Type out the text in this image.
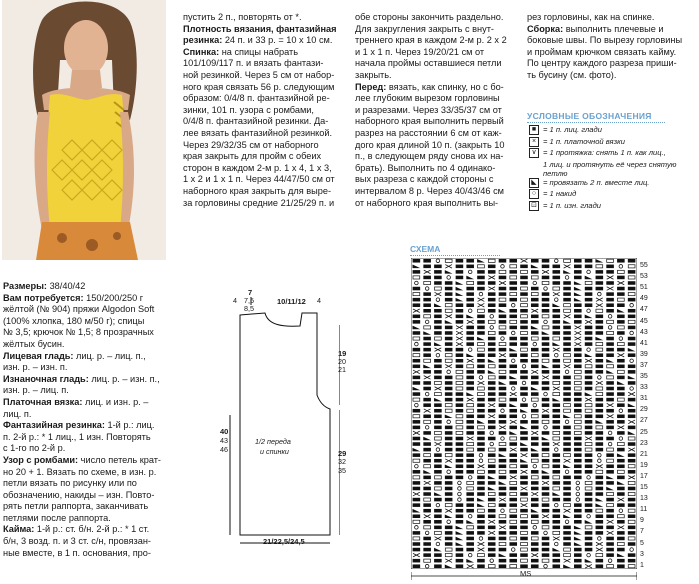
Размеры: 38/40/42
Вам потребуется: 150/200/250 г
жёлтой (№ 904) пряжи Algodon Soft
(100% хлопка, 180 м/50 г); спицы
№ 3,5; крючок № 1,5; 8 прозрачных
жёлтых бусин.
Лицевая гладь: лиц. р. – лиц. п.,
изн. р. – изн. п.
Изнаночная гладь: лиц. р. – изн. п.,
изн. р. – лиц. п.
Платочная вязка: лиц. и изн. р. –
лиц. п.
Фантазийная резинка: 1-й р.: лиц.
п. 2-й р.: * 1 лиц., 1 изн. Повторять
с 1-го по 2-й р.
Узор с ромбами: число петель крат-
но 20 + 1. Вязать по схеме, в изн. р.
петли вязать по рисунку или по
обозначению, накиды – изн. Повто-
рять петли раппорта, заканчивать
петлями после раппорта.
Кайма: 1-й р.: ст. б/н. 2-й р.: * 1 ст.
б/н, 3 возд. п. и 3 ст. с/н, провязан-
ные вместе, в 1 п. основания, про-
пустить 2 п., повторять от *.
Плотность вязания, фантазийная
резинка: 24 п. и 33 р. = 10 х 10 см.
Спинка: на спицы набрать
101/109/117 п. и вязать фантази-
ной резинкой. Через 5 см от набор-
ного края связать 56 р. следующим
образом: 0/4/8 п. фантазийной ре-
зинки, 101 п. узора с ромбами,
0/4/8 п. фантазийной резинки. Да-
лее вязать фантазийной резинкой.
Через 29/32/35 см от наборного
края закрыть для пройм с обеих
сторон в каждом 2-м р. 1 х 4, 1 х 3,
1 х 2 и 1 х 1 п. Через 44/47/50 см от
наборного края закрыть для выре-
за горловины средние 21/25/29 п. и
обе стороны закончить раздельно.
Для закругления закрыть с внут-
треннего края в каждом 2-м р. 2 х 2
и 1 х 1 п. Через 19/20/21 см от
начала проймы оставшиеся петли
закрыть.
Перед: вязать, как спинку, но с бо-
лее глубоким вырезом горловины
и разрезами. Через 33/35/37 см от
наборного края выполнить первый
разрез на расстоянии 6 см от каж-
дого края длиной 10 п. (закрыть 10
п., в следующем ряду снова их на-
брать). Выполнить по 4 одинако-
вых разреза с каждой стороны с
интервалом 8 р. Через 40/43/46 см
от наборного края выполнить вы-
рез горловины, как на спинке.
Сборка: выполнить плечевые и
боковые швы. По вырезу горловины
и проймам крючком связать кайму.
По центру каждого разреза приши-
ть бусину (см. фото).
УСЛОВНЫЕ ОБОЗНАЧЕНИЯ
■ = 1 п. лиц. глади
× = 1 п. платочной вязки
∨ = 1 протяжка: снять 1 п. как лиц.,
1 лиц. и протянуть её через снятую
петлю
◣ = провязать 2 п. вместе лиц.
○ = 1 накид
⊡ = 1 п. изн. глади
7
7,5
8,5
10/11/12
4	4
19
20
21
29
32
35
40
43
46
21/22,5/24,5
1/2 переда
и спинки
СХЕМА
55
53
51
49
47
45
43
41
39
37
35
33
31
29
27
25
23
21
19
17
15
13
11
9
7
5
3
1
MS
